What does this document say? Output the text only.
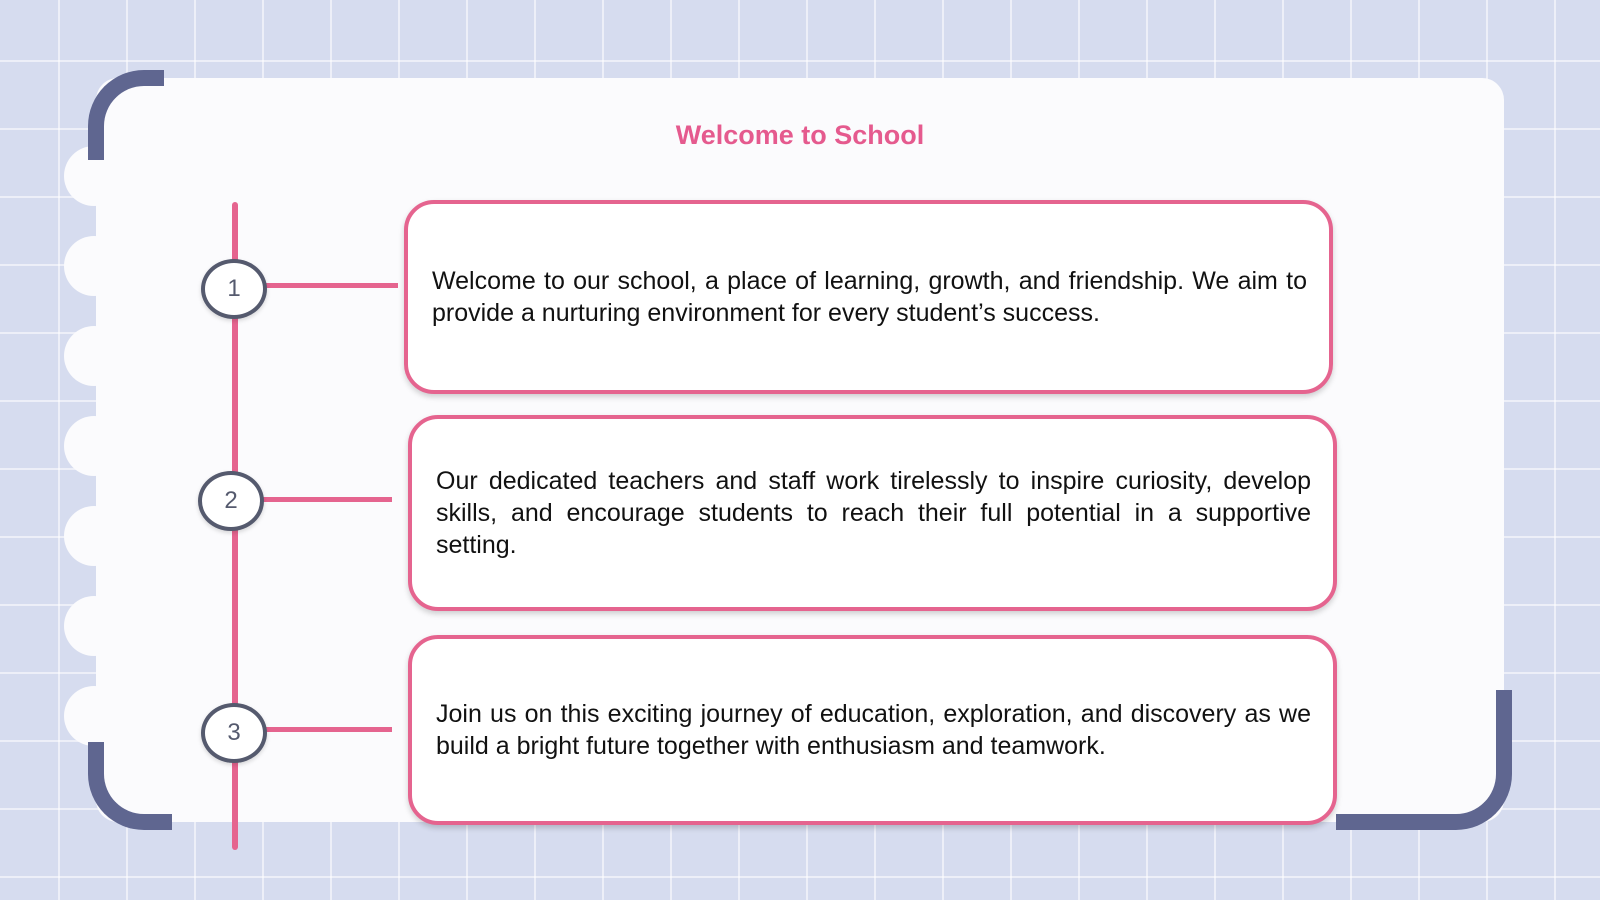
Welcome to School
1	Welcome to our school, a place of learning, growth, and friendship. We aim to provide a nurturing environment for every student’s success.

2

Our dedicated teachers and staff work tirelessly to inspire curiosity, develop skills, and encourage students to reach their full potential in a supportive setting.

3

Join us on this exciting journey of education, exploration, and discovery as we build a bright future together with enthusiasm and teamwork.
